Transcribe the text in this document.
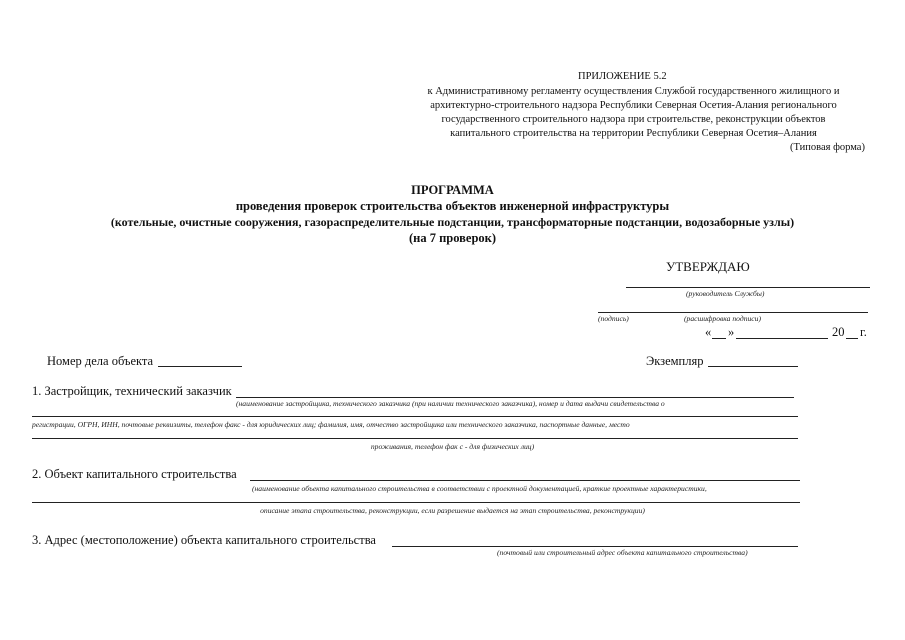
ПРИЛОЖЕНИЕ 5.2
к Административному регламенту осуществления Службой государственного жилищного и
архитектурно-строительного надзора Республики Северная Осетия-Алания регионального
государственного строительного надзора при строительстве, реконструкции объектов
капитального строительства на территории Республики Северная Осетия–Алания
(Типовая форма)
ПРОГРАММА
проведения проверок строительства объектов инженерной инфраструктуры
(котельные, очистные сооружения, газораспределительные подстанции, трансформаторные подстанции, водозаборные узлы)
(на 7 проверок)
УТВЕРЖДАЮ
(руководитель Службы)
(подпись)	(расшифровка подписи)
« »	20 г.
Номер дела объекта	Экземпляр
1. Застройщик, технический заказчик
(наименование застройщика, технического заказчика (при наличии технического заказчика), номер и дата выдачи свидетельства о
регистрации, ОГРН, ИНН, почтовые реквизиты, телефон факс - для юридических лиц; фамилия, имя, отчество застройщика или технического заказчика, паспортные данные, место
проживания, телефон фак с - для физических лиц)
2. Объект капитального строительства
(наименование объекта капитального строительства в соответствии с проектной документацией, краткие проектные характеристики,
описание этапа строительства, реконструкции, если разрешение выдается на этап строительства, реконструкции)
3. Адрес (местоположение) объекта капитального строительства
(почтовый или строительный адрес объекта капитального строительства)
